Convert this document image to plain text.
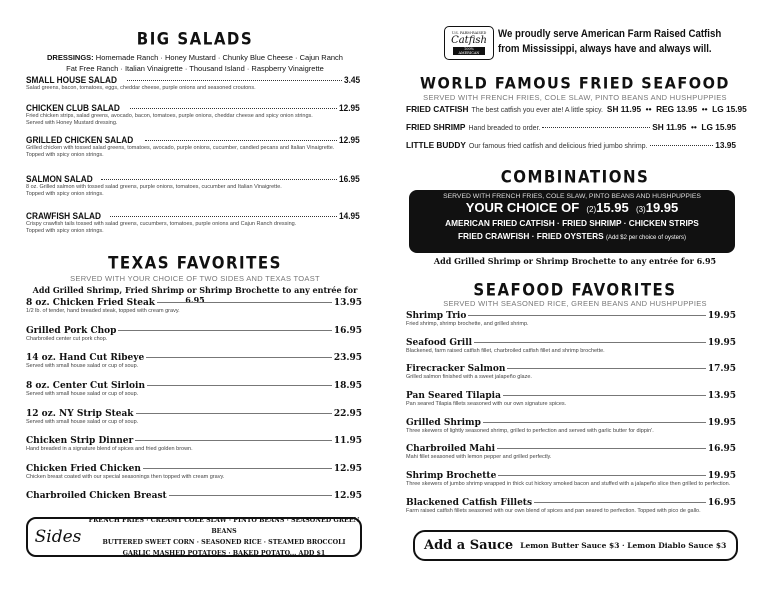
BIG SALADS
DRESSINGS: Homemade Ranch · Honey Mustard · Chunky Blue Cheese · Cajun Ranch
Fat Free Ranch · Italian Vinaigrette · Thousand Island · Raspberry Vinaigrette
SMALL HOUSE SALAD	3.45
Salad greens, bacon, tomatoes, eggs, cheddar cheese, purple onions and seasoned croutons.
CHICKEN CLUB SALAD	12.95
Fried chicken strips, salad greens, avocado, bacon, tomatoes, purple onions, cheddar cheese and spicy onion strings.
Served with Honey Mustard dressing.
GRILLED CHICKEN SALAD	12.95
Grilled chicken with tossed salad greens, tomatoes, avocado, purple onions, cucumber, candied pecans and Italian Vinaigrette.
Topped with spicy onion strings.
SALMON SALAD	16.95
8 oz. Grilled salmon with tossed salad greens, purple onions, tomatoes, cucumber and Italian Vinaigrette.
Topped with spicy onion strings.
CRAWFISH SALAD	14.95
Crispy crawfish tails tossed with salad greens, cucumbers, tomatoes, purple onions and Cajun Ranch dressing.
Topped with spicy onion strings.
TEXAS FAVORITES
SERVED WITH YOUR CHOICE OF TWO SIDES AND TEXAS TOAST
Add Grilled Shrimp, Fried Shrimp or Shrimp Brochette to any entrée for 6.95
8 oz. Chicken Fried Steak	13.95
1/2 lb. of tender, hand breaded steak, topped with cream gravy.
Grilled Pork Chop	16.95
Charbroiled center cut pork chop.
14 oz. Hand Cut Ribeye	23.95
Served with small house salad or cup of soup.
8 oz. Center Cut Sirloin	18.95
Served with small house salad or cup of soup.
12 oz. NY Strip Steak	22.95
Served with small house salad or cup of soup.
Chicken Strip Dinner	11.95
Hand breaded in a signature blend of spices and fried golden brown.
Chicken Fried Chicken	12.95
Chicken breast coated with our special seasonings then topped with cream gravy.
Charbroiled Chicken Breast	12.95
Sides
FRENCH FRIES · CREAMY COLE SLAW · PINTO BEANS · SEASONED GREEN BEANS
BUTTERED SWEET CORN · SEASONED RICE · STEAMED BROCCOLI
GARLIC MASHED POTATOES · BAKED POTATO... ADD $1
U.S. FARM-RAISED
Catfish
100% AMERICAN
We proudly serve American Farm Raised Catfish
from Mississippi, always have and always will.
WORLD FAMOUS FRIED SEAFOOD
SERVED WITH FRENCH FRIES, COLE SLAW, PINTO BEANS AND HUSHPUPPIES
FRIED CATFISH The best catfish you ever ate! A little spicy. SH 11.95  ••  REG 13.95  ••  LG 15.95
FRIED SHRIMP Hand breaded to order.	SH 11.95  ••  LG 15.95
LITTLE BUDDY Our famous fried catfish and delicious fried jumbo shrimp.	13.95
COMBINATIONS
SERVED WITH FRENCH FRIES, COLE SLAW, PINTO BEANS AND HUSHPUPPIES
YOUR CHOICE OF (2)15.95 (3)19.95
AMERICAN FRIED CATFISH · FRIED SHRIMP · CHICKEN STRIPS
FRIED CRAWFISH · FRIED OYSTERS (Add $2 per choice of oysters)
Add Grilled Shrimp or Shrimp Brochette to any entrée for 6.95
SEAFOOD FAVORITES
SERVED WITH SEASONED RICE, GREEN BEANS AND HUSHPUPPIES
Shrimp Trio	19.95
Fried shrimp, shrimp brochette, and grilled shrimp.
Seafood Grill	19.95
Blackened, farm raised catfish fillet, charbroiled catfish fillet and shrimp brochette.
Firecracker Salmon	17.95
Grilled salmon finished with a sweet jalapeño glaze.
Pan Seared Tilapia	13.95
Pan seared Tilapia fillets seasoned with our own signature spices.
Grilled Shrimp	19.95
Three skewers of lightly seasoned shrimp, grilled to perfection and served with garlic butter for dippin'.
Charbroiled Mahi	16.95
Mahi fillet seasoned with lemon pepper and grilled perfectly.
Shrimp Brochette	19.95
Three skewers of jumbo shrimp wrapped in thick cut hickory smoked bacon and stuffed with a jalapeño slice then grilled to perfection.
Blackened Catfish Fillets	16.95
Farm raised catfish fillets seasoned with our own blend of spices and pan seared to perfection. Topped with pico de gallo.
Add a Sauce Lemon Butter Sauce $3 · Lemon Diablo Sauce $3
